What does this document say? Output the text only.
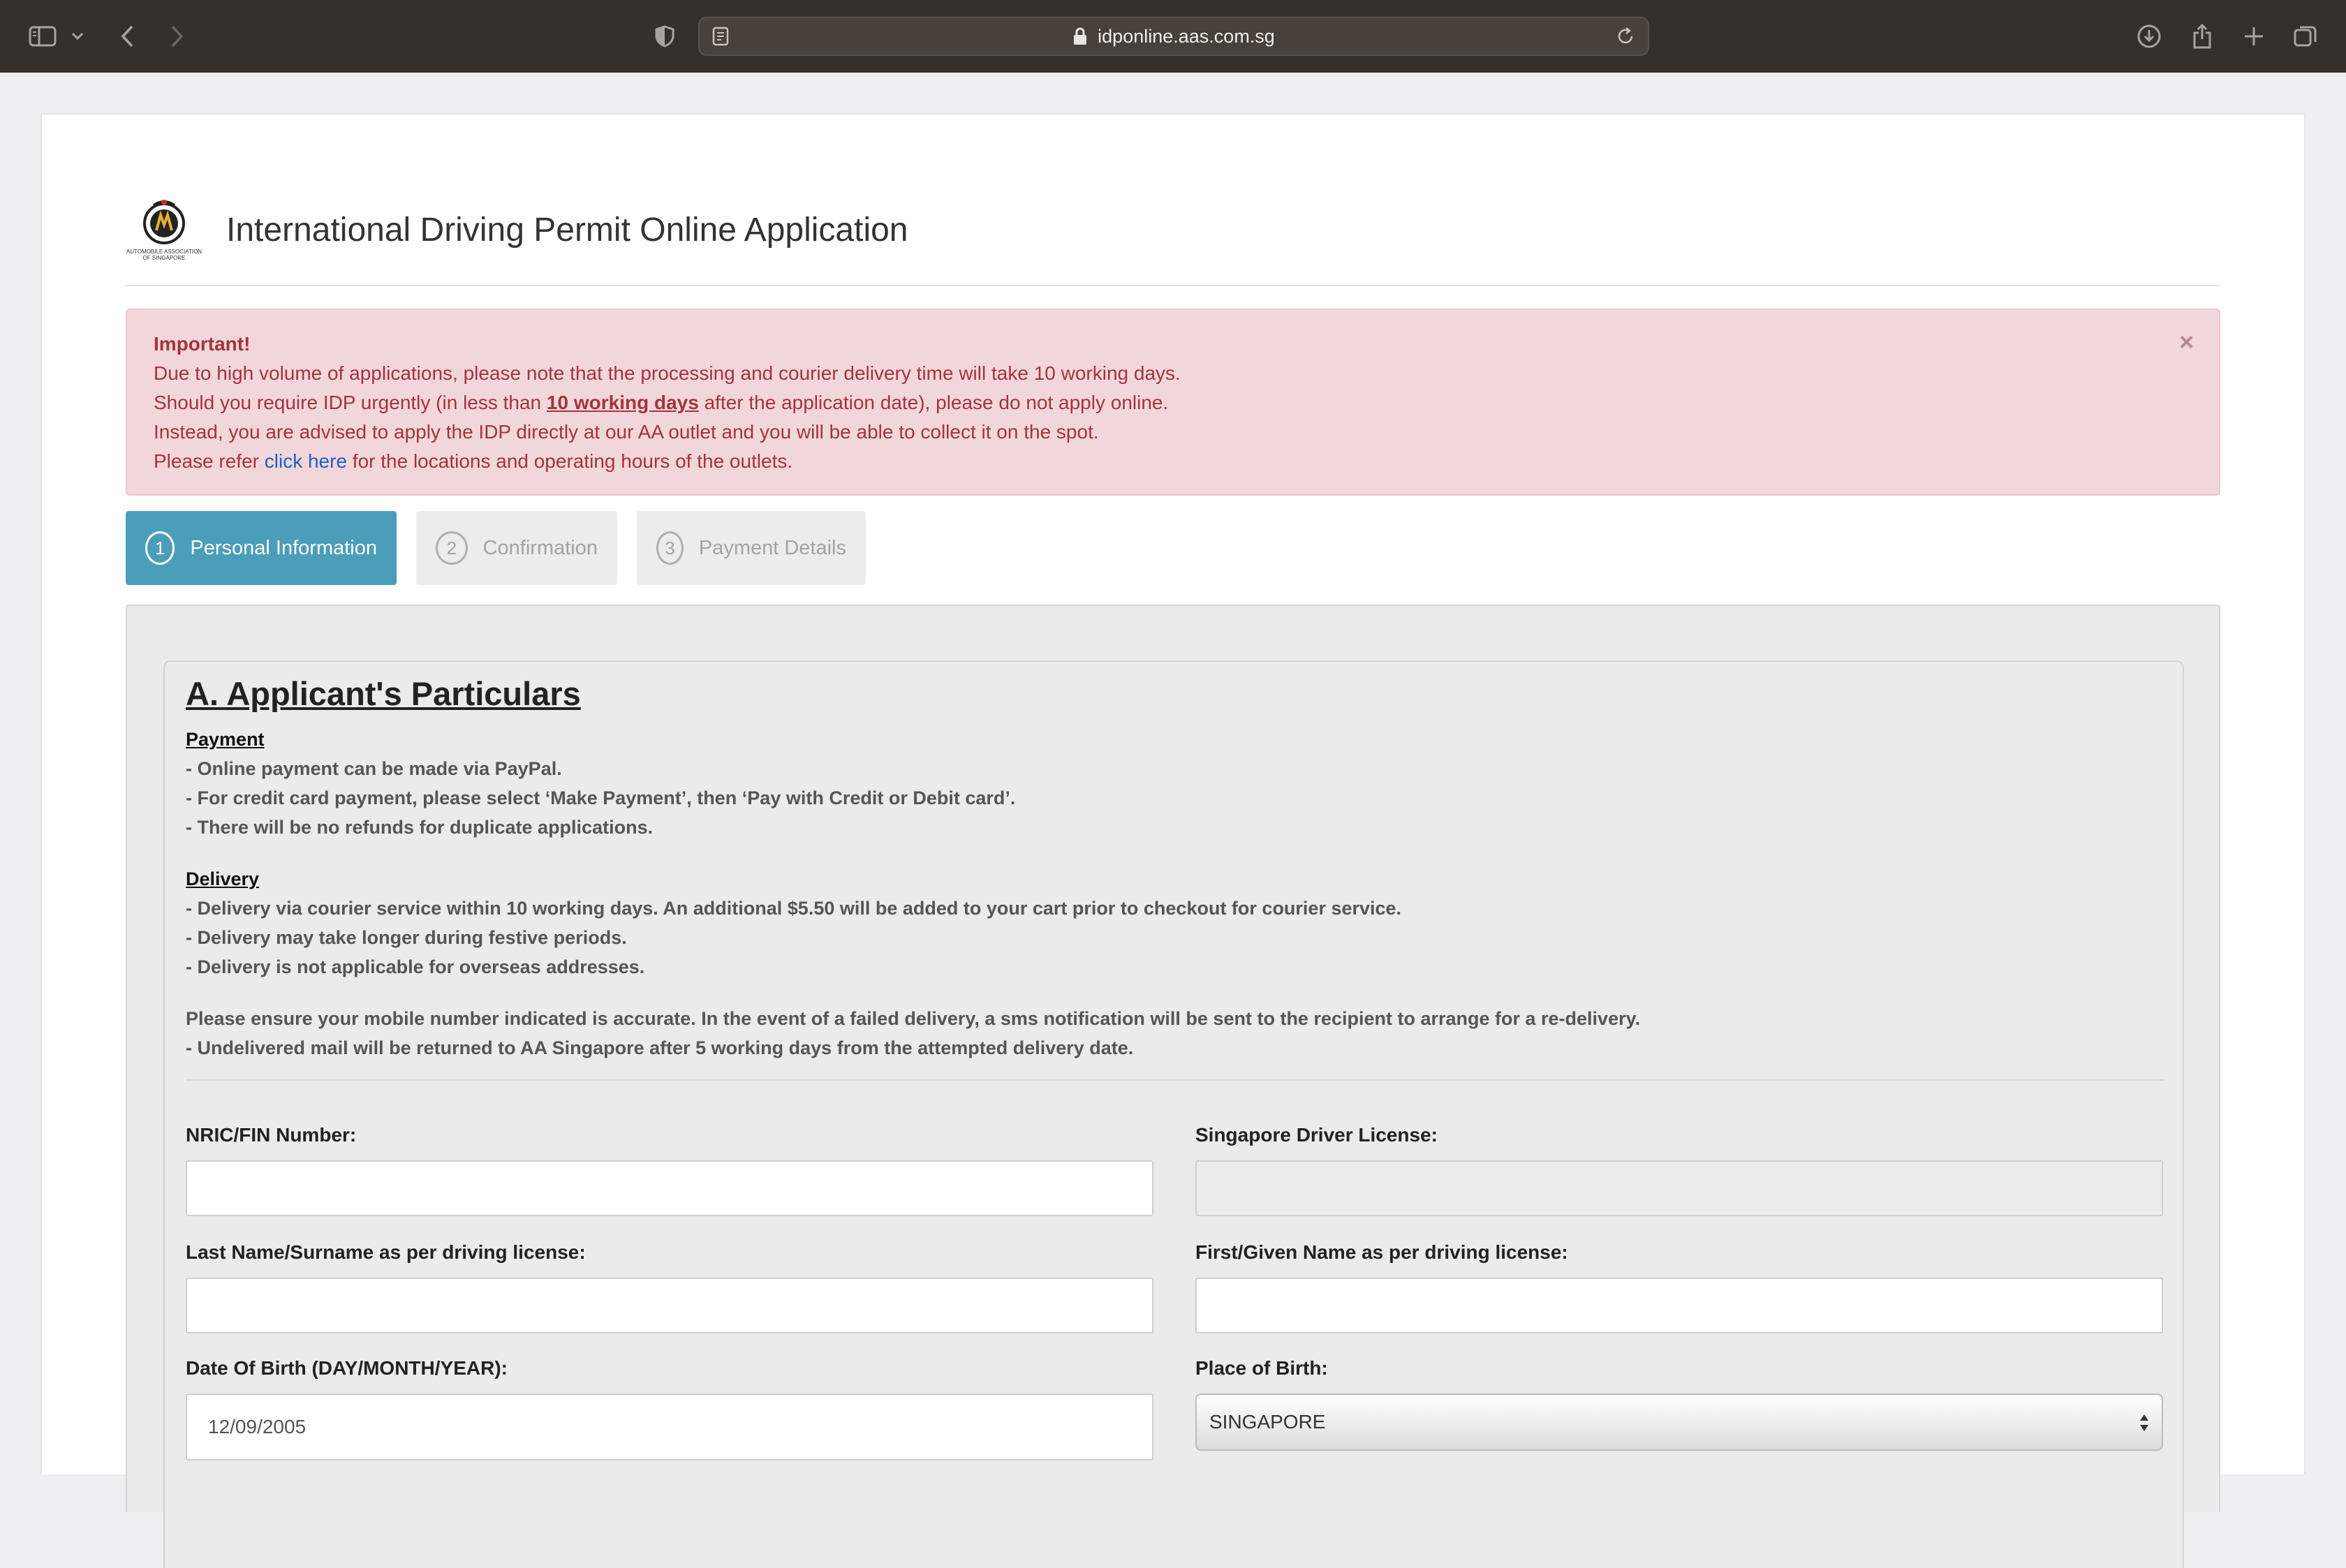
idponline.aas.com.sg
AUTOMOBILE ASSOCIATION OF SINGAPORE
International Driving Permit Online Application
Important!
Due to high volume of applications, please note that the processing and courier delivery time will take 10 working days.
Should you require IDP urgently (in less than 10 working days after the application date), please do not apply online.
Instead, you are advised to apply the IDP directly at our AA outlet and you will be able to collect it on the spot.
Please refer click here for the locations and operating hours of the outlets.
×
1	Personal Information	2	Confirmation	3	Payment Details
A. Applicant's Particulars
Payment
- Online payment can be made via PayPal.
- For credit card payment, please select ‘Make Payment’, then ‘Pay with Credit or Debit card’.
- There will be no refunds for duplicate applications.
Delivery
- Delivery via courier service within 10 working days. An additional $5.50 will be added to your cart prior to checkout for courier service.
- Delivery may take longer during festive periods.
- Delivery is not applicable for overseas addresses.
Please ensure your mobile number indicated is accurate. In the event of a failed delivery, a sms notification will be sent to the recipient to arrange for a re-delivery.
- Undelivered mail will be returned to AA Singapore after 5 working days from the attempted delivery date.
NRIC/FIN Number:	Singapore Driver License:
Last Name/Surname as per driving license:	First/Given Name as per driving license:
Date Of Birth (DAY/MONTH/YEAR):
12/09/2005
Place of Birth:
SINGAPORE
